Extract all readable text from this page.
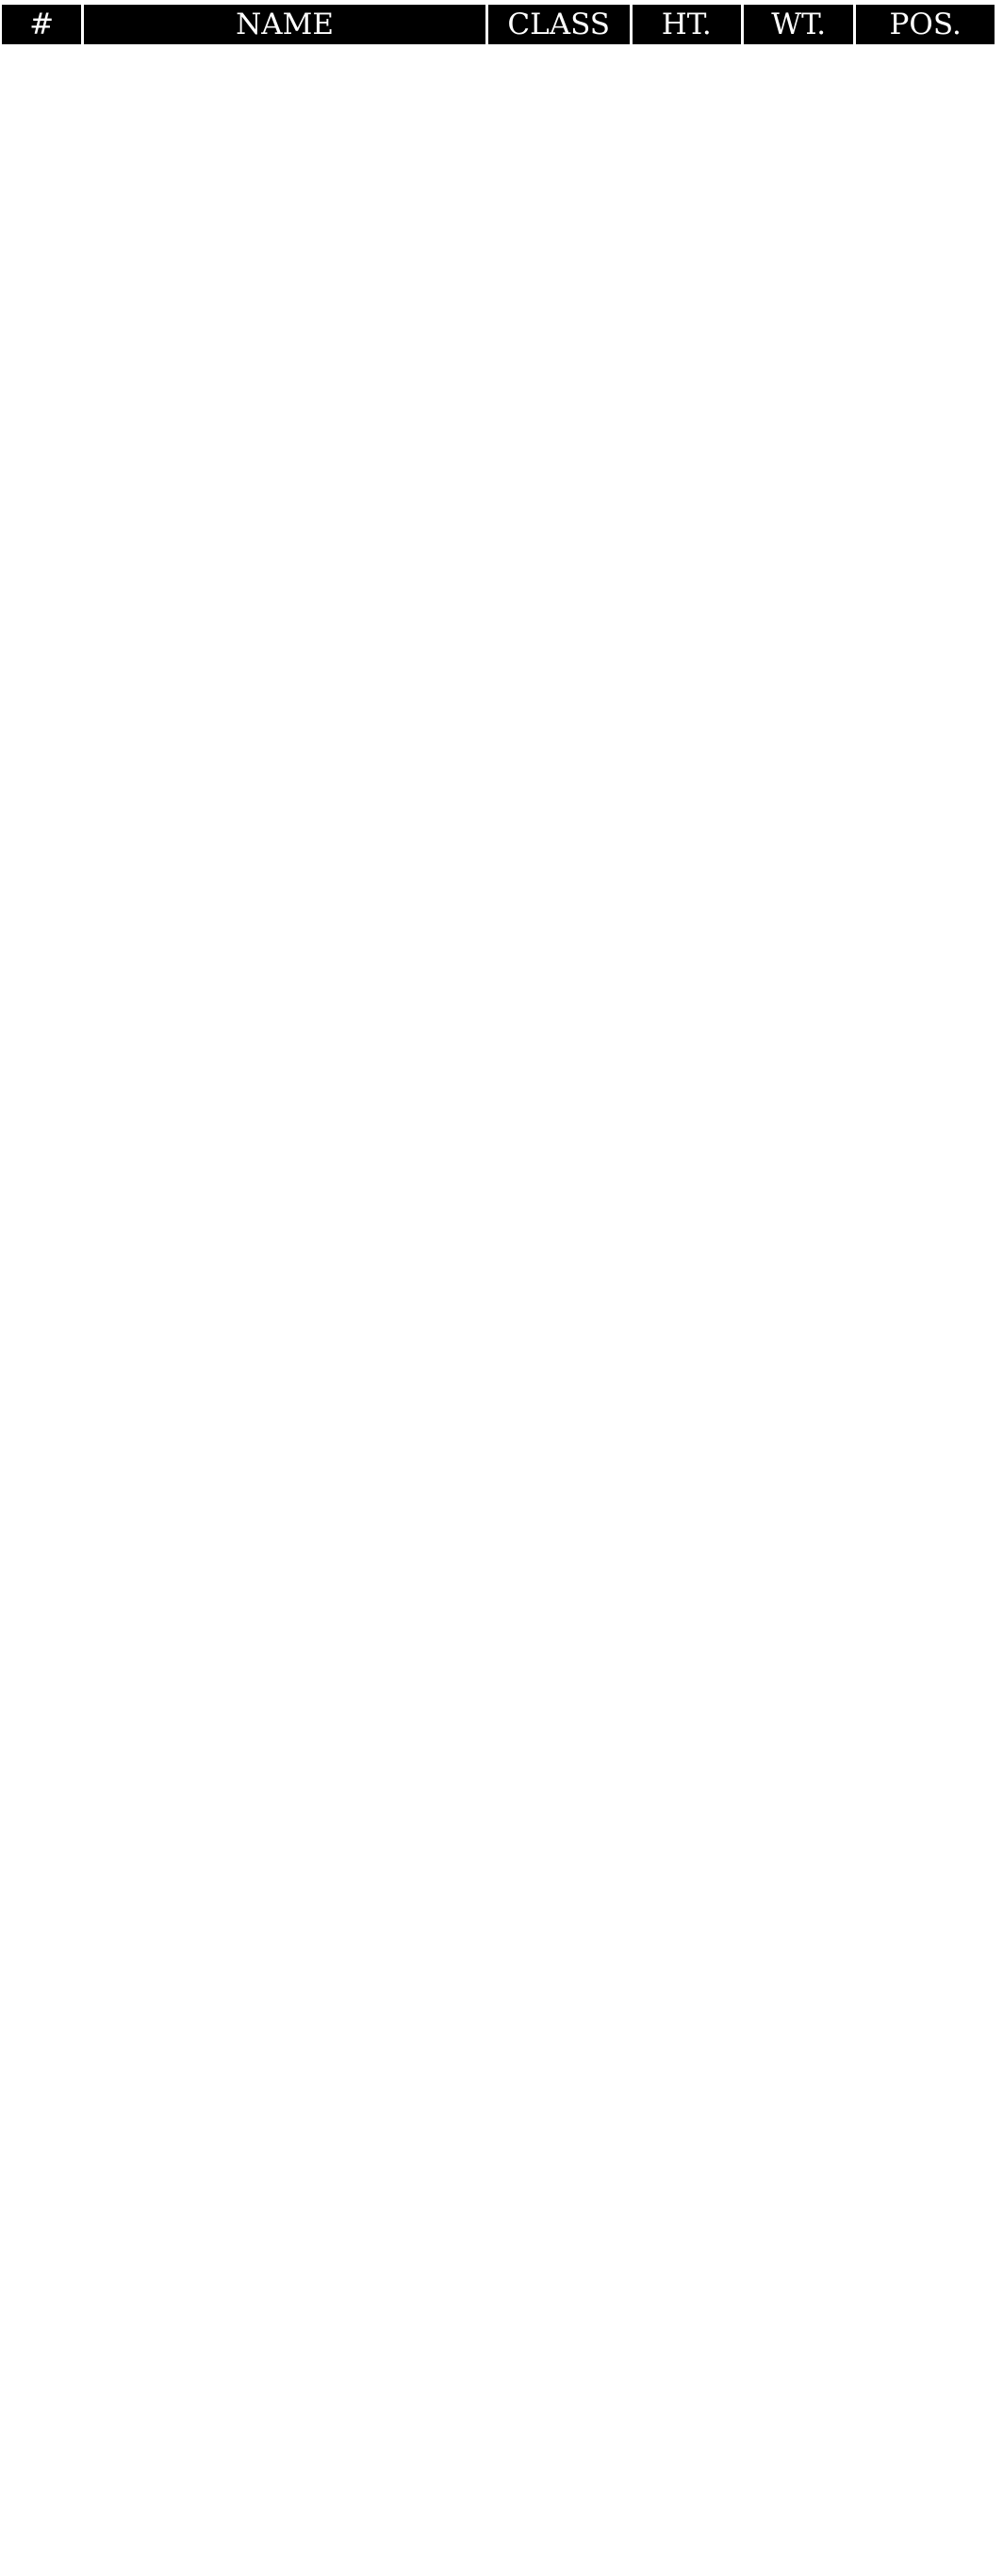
#	NAME	CLASS	HT.	WT.	POS.
